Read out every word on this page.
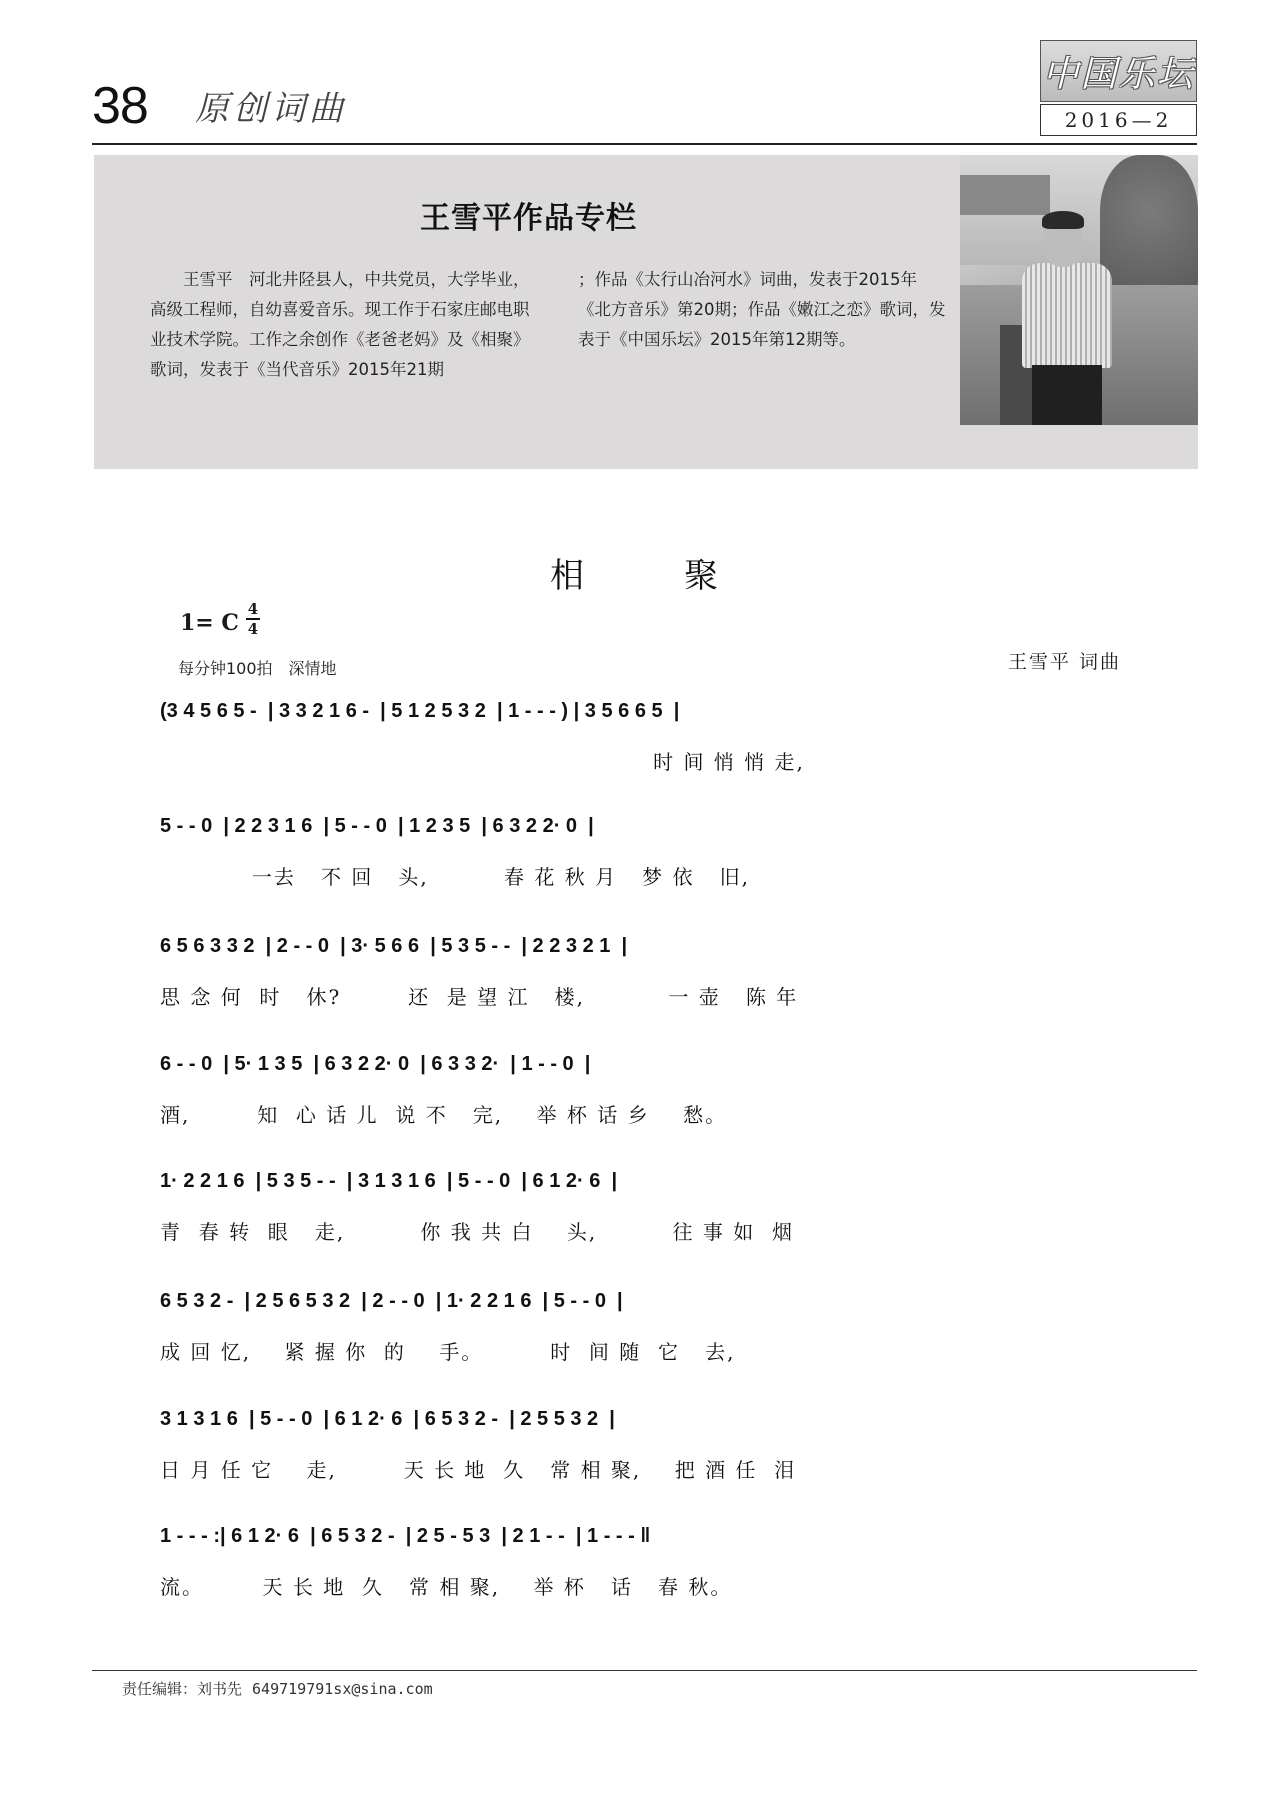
38 原创词曲
中国乐坛
2016—2
王雪平作品专栏
王雪平　河北井陉县人，中共党员，大学毕业，高级工程师，自幼喜爱音乐。现工作于石家庄邮电职业技术学院。工作之余创作《老爸老妈》及《相聚》歌词，发表于《当代音乐》2015年21期
；作品《太行山冶河水》词曲，发表于2015年《北方音乐》第20期；作品《嫩江之恋》歌词，发表于《中国乐坛》2015年第12期等。
相聚
1= C
4
4
每分钟100拍　深情地	王雪平 词曲
(3 4 5 6 5 -  | 3 3 2 1 6 -  | 5 1 2 5 3 2  | 1 - - - ) | 3 5 6 6 5  |
时 间 悄 悄 走,
5 - - 0  | 2 2 3 1 6  | 5 - - 0  | 1 2 3 5  | 6 3 2 2· 0  |
一去   不 回   头,         春 花 秋 月   梦 依   旧,
6 5 6 3 3 2  | 2 - - 0  | 3· 5 6 6  | 5 3 5 - -  | 2 2 3 2 1  |
思 念 何  时   休?        还  是 望 江   楼,          一 壶   陈 年
6 - - 0  | 5· 1 3 5  | 6 3 2 2· 0  | 6 3 3 2·  | 1 - - 0  |
酒,        知  心 话 儿  说 不   完,    举 杯 话 乡    愁。
1· 2 2 1 6  | 5 3 5 - -  | 3 1 3 1 6  | 5 - - 0  | 6 1 2· 6  |
青  春 转  眼   走,         你 我 共 白    头,         往 事 如  烟
6 5 3 2 -  | 2 5 6 5 3 2  | 2 - - 0  | 1· 2 2 1 6  | 5 - - 0  |
成 回 忆,    紧 握 你  的    手。        时  间 随  它   去,
3 1 3 1 6  | 5 - - 0  | 6 1 2· 6  | 6 5 3 2 -  | 2 5 5 3 2  |
日 月 任 它    走,        天 长 地  久   常 相 聚,    把 酒 任  泪
1 - - - :| 6 1 2· 6  | 6 5 3 2 -  | 2 5 - 5 3  | 2 1 - -  | 1 - - - ‖
流。       天 长 地  久   常 相 聚,    举 杯   话   春 秋。
责任编辑：刘书先 649719791sx@sina.com
